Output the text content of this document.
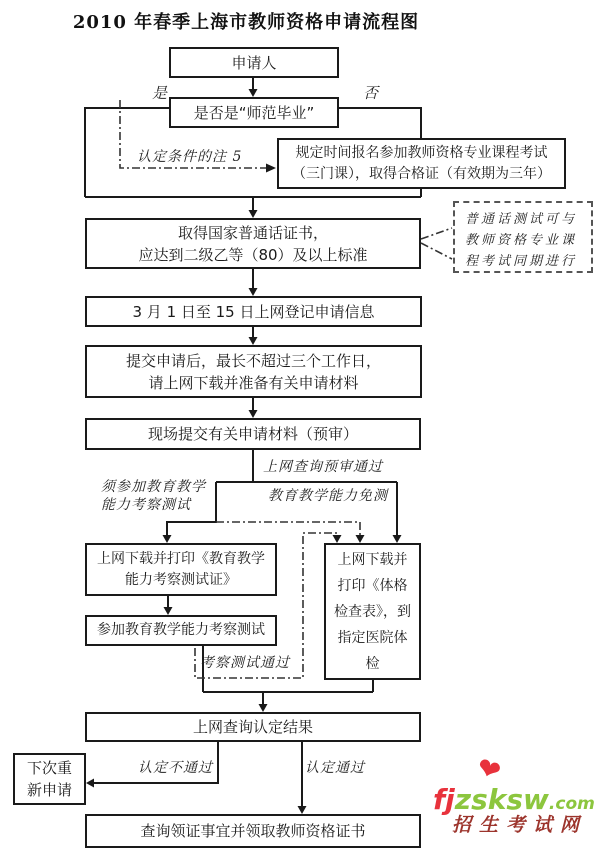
2010 年春季上海市教师资格申请流程图
申请人
是否是“师范毕业”
规定时间报名参加教师资格专业课程考试
（三门课），取得合格证（有效期为三年）
取得国家普通话证书，
应达到二级乙等（80）及以上标准
3 月 1 日至 15 日上网登记申请信息
提交申请后，最长不超过三个工作日，
请上网下载并准备有关申请材料
现场提交有关申请材料（预审）
上网下载并打印《教育教学
能力考察测试证》
参加教育教学能力考察测试
上网下载并
打印《体格
检查表》，到
指定医院体
检
上网查询认定结果
下次重
新申请
查询领证事宜并领取教师资格证书
普通话测试可与
教师资格专业课
程考试同期进行
是	否
认定条件的注 5
上网查询预审通过
须参加教育教学
能力考察测试
教育教学能力免测
考察测试通过
认定不通过	认定通过	❤
fjzsksw.com
招生考试网
